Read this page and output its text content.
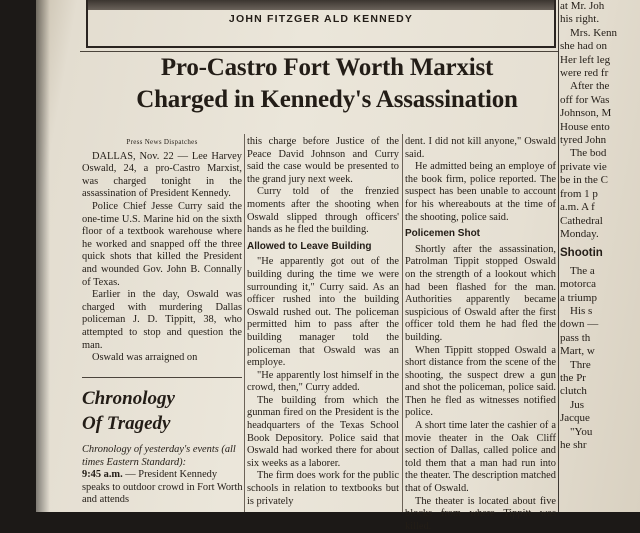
JOHN FITZGER ALD KENNEDY
Pro-Castro Fort Worth Marxist
Charged in Kennedy's Assassination

Press News Dispatches

DALLAS, Nov. 22 — Lee Harvey Oswald, 24, a pro-Castro Marxist, was charged tonight in the assassination of President Kennedy.

Police Chief Jesse Curry said the one-time U.S. Marine hid on the sixth floor of a textbook warehouse where he worked and snapped off the three quick shots that killed the President and wounded Gov. John B. Connally of Texas.

Earlier in the day, Oswald was charged with murdering Dallas policeman J. D. Tippitt, 38, who attempted to stop and question the man.

Oswald was arraigned on

Chronology
Of Tragedy

Chronology of yesterday's events (all times Eastern Standard):

9:45 a.m. — President Kennedy speaks to outdoor crowd in Fort Worth and attends

this charge before Justice of the Peace David Johnson and Curry said the case would be presented to the grand jury next week.

Curry told of the frenzied moments after the shooting when Oswald slipped through officers' hands as he fled the building.

Allowed to Leave Building

"He apparently got out of the building during the time we were surrounding it," Curry said. As an officer rushed into the building Oswald rushed out. The policeman permitted him to pass after the building manager told the policeman that Oswald was an employe.

"He apparently lost himself in the crowd, then," Curry added.

The building from which the gunman fired on the President is the headquarters of the Texas School Book Depository. Police said that Oswald had worked there for about six weeks as a laborer.

The firm does work for the public schools in relation to textbooks but is privately

dent. I did not kill anyone," Oswald said.

He admitted being an employe of the book firm, police reported. The suspect has been unable to account for his whereabouts at the time of the shooting, police said.

Policemen Shot

Shortly after the assassination, Patrolman Tippit stopped Oswald on the strength of a lookout which had been flashed for the man. Authorities apparently became suspicious of Oswald after the first officer told them he had fled the building.

When Tippitt stopped Oswald a short distance from the scene of the shooting, the suspect drew a gun and shot the policeman, police said. Then he fled as witnesses notified police.

A short time later the cashier of a movie theater in the Oak Cliff section of Dallas, called police and told them that a man had run into the theater. The description matched that of Oswald.

The theater is located about five blocks from where Tippitt was killed.

at Mr. Joh
his right.
Mrs. Kenn
she had on
Her left leg
were red fr
After the
off for Was
Johnson, M
House ento
tyred John
The bod
private vie
be in the C
from 1 p
a.m. A f
Cathedral
Monday.
Shootin
The a
motorca
a triump
His s
down —
pass th
Mart, w
Thre
the Pr
clutch
Jus
Jacque
"You
he shr
